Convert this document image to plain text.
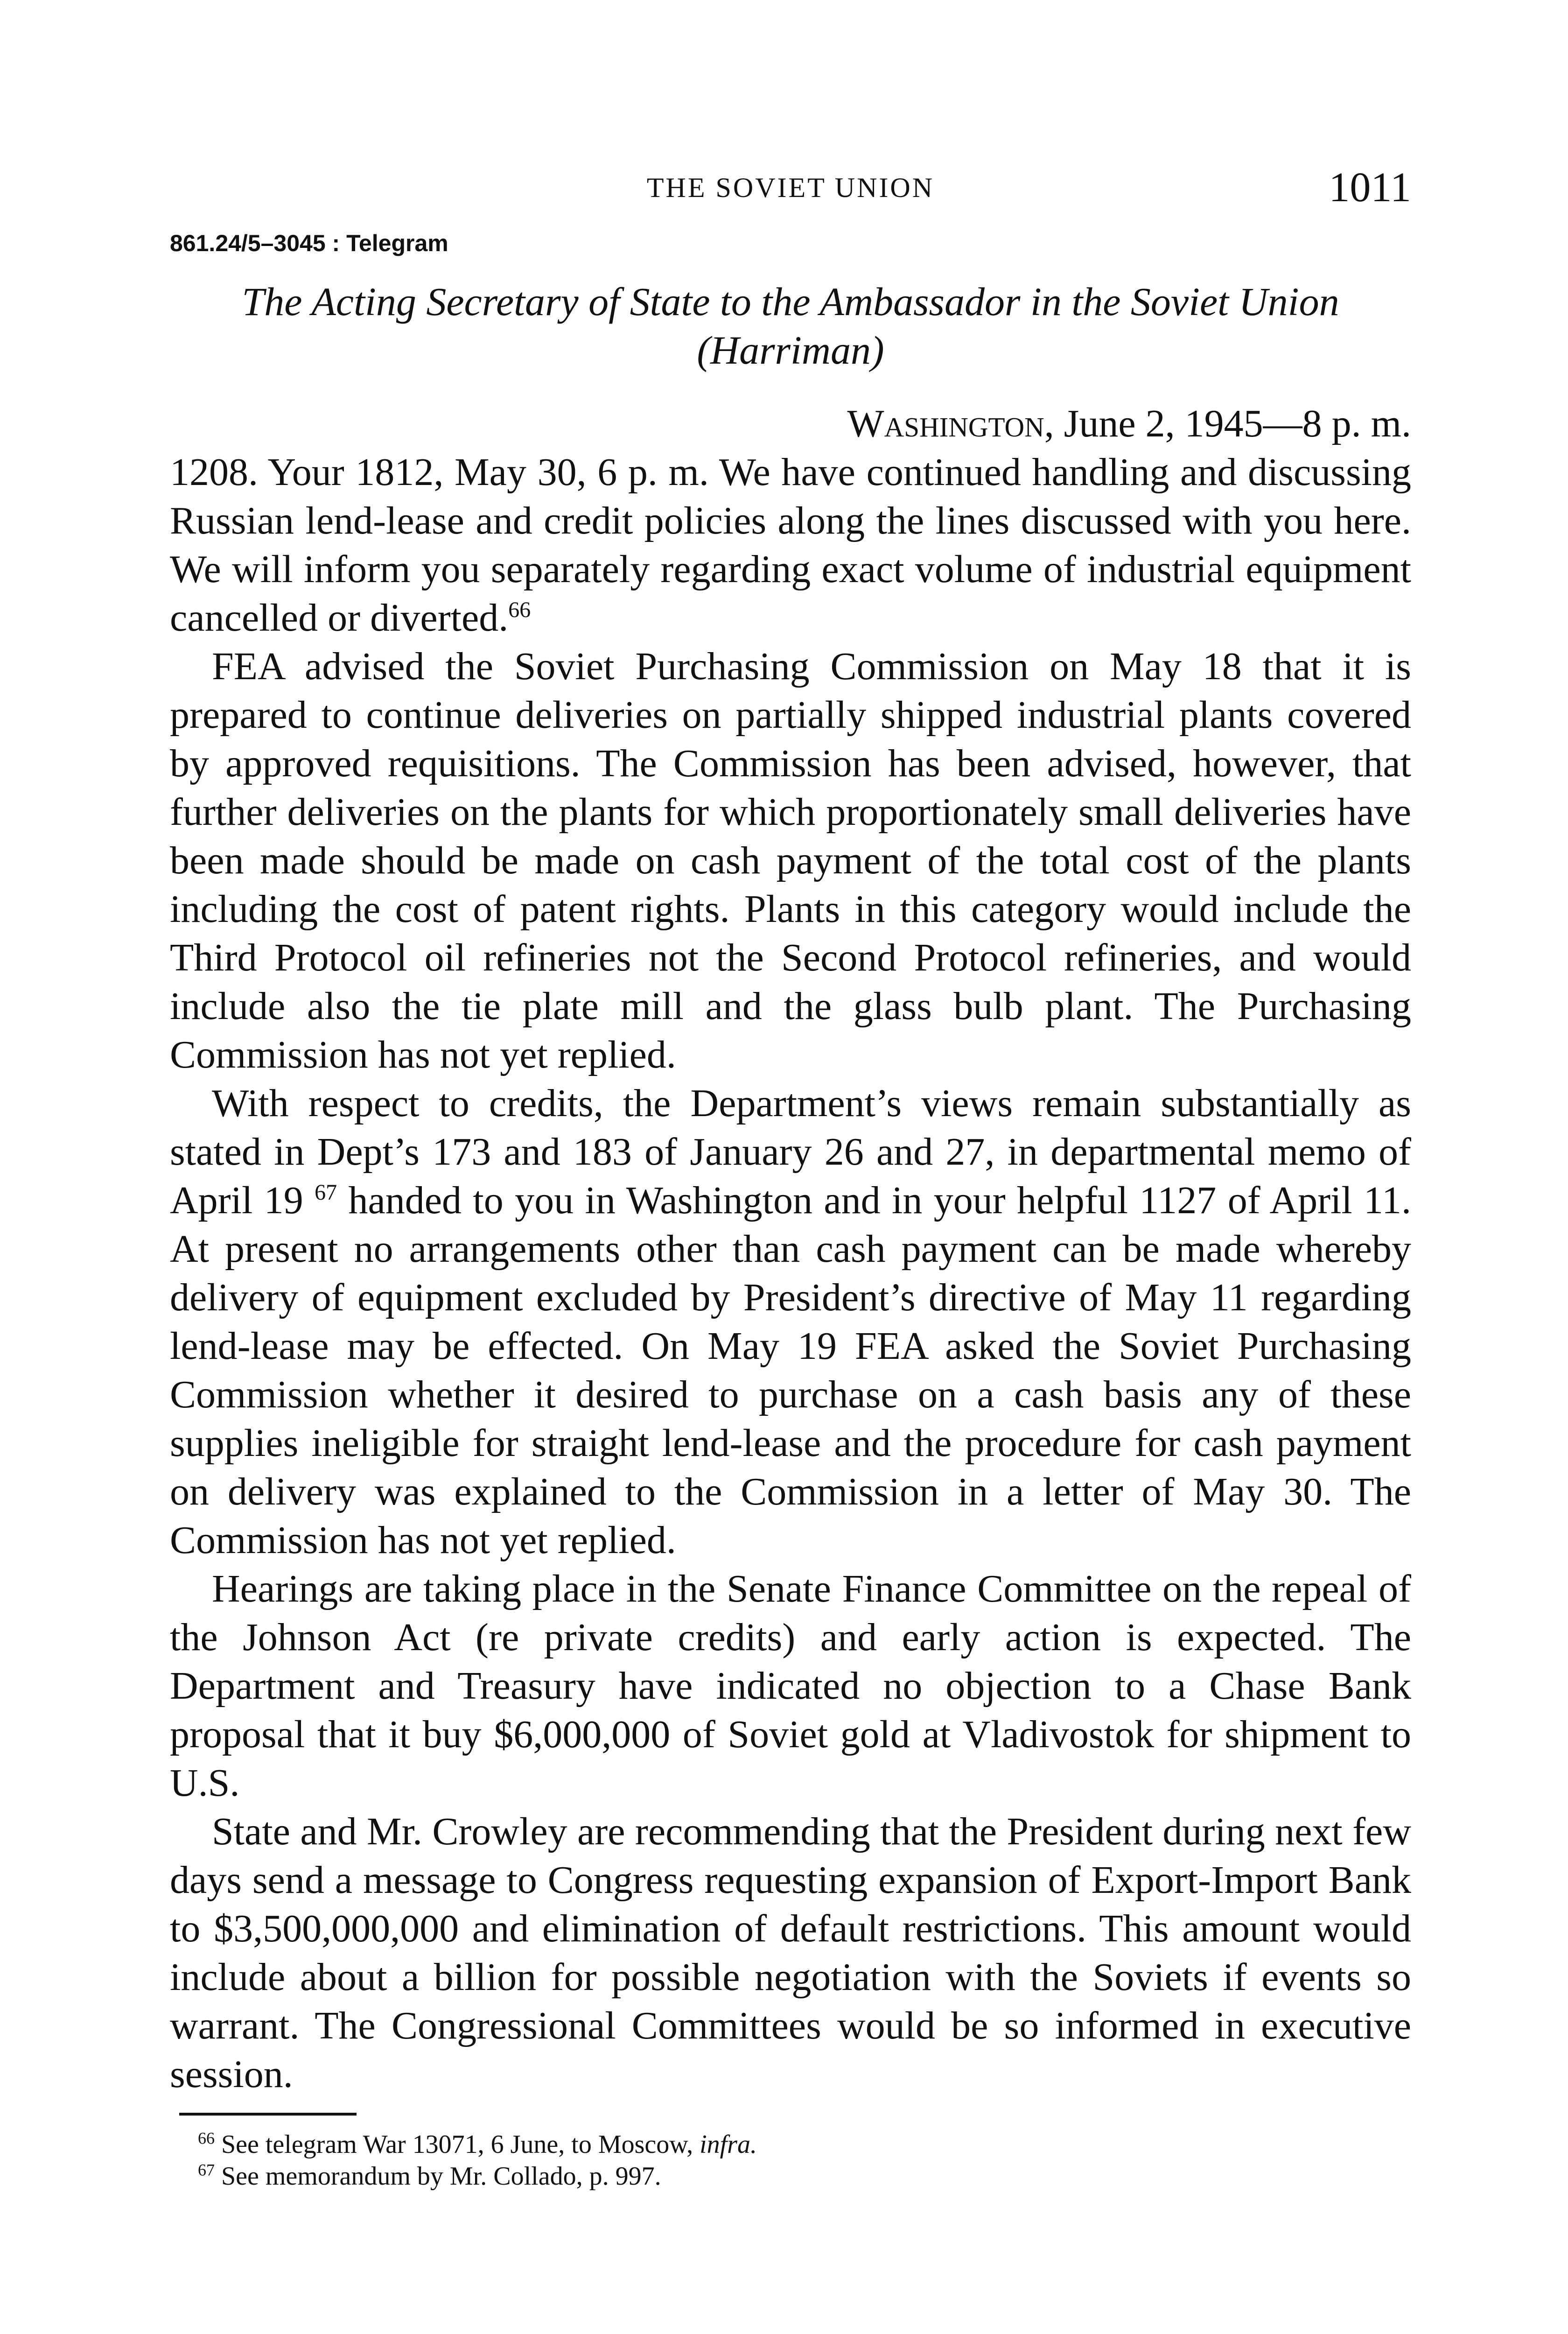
THE SOVIET UNION	1011
861.24/5–3045 : Telegram
The Acting Secretary of State to the Ambassador in the Soviet Union
(Harriman)
Washington, June 2, 1945—8 p. m.

1208. Your 1812, May 30, 6 p. m. We have continued handling and discussing Russian lend-lease and credit policies along the lines discussed with you here. We will inform you separately regarding exact volume of industrial equipment cancelled or diverted.$^{66}$

FEA advised the Soviet Purchasing Commission on May 18 that it is prepared to continue deliveries on partially shipped industrial plants covered by approved requisitions. The Commission has been advised, however, that further deliveries on the plants for which proportionately small deliveries have been made should be made on cash payment of the total cost of the plants including the cost of patent rights. Plants in this category would include the Third Protocol oil refineries not the Second Protocol refineries, and would include also the tie plate mill and the glass bulb plant. The Purchasing Commission has not yet replied.

With respect to credits, the Department’s views remain substantially as stated in Dept’s 173 and 183 of January 26 and 27, in departmental memo of April 19 $^{67}$ handed to you in Washington and in your helpful 1127 of April 11. At present no arrangements other than cash payment can be made whereby delivery of equipment excluded by President’s directive of May 11 regarding lend-lease may be effected. On May 19 FEA asked the Soviet Purchasing Commission whether it desired to purchase on a cash basis any of these supplies ineligible for straight lend-lease and the procedure for cash payment on delivery was explained to the Commission in a letter of May 30. The Commission has not yet replied.

Hearings are taking place in the Senate Finance Committee on the repeal of the Johnson Act (re private credits) and early action is expected. The Department and Treasury have indicated no objection to a Chase Bank proposal that it buy $6,000,000 of Soviet gold at Vladivostok for shipment to U.S.

State and Mr. Crowley are recommending that the President during next few days send a message to Congress requesting expansion of Export-Import Bank to $3,500,000,000 and elimination of default restrictions. This amount would include about a billion for possible negotiation with the Soviets if events so warrant. The Congressional Committees would be so informed in executive session.

$^{66}$ See telegram War 13071, 6 June, to Moscow, infra.
$^{67}$ See memorandum by Mr. Collado, p. 997.
